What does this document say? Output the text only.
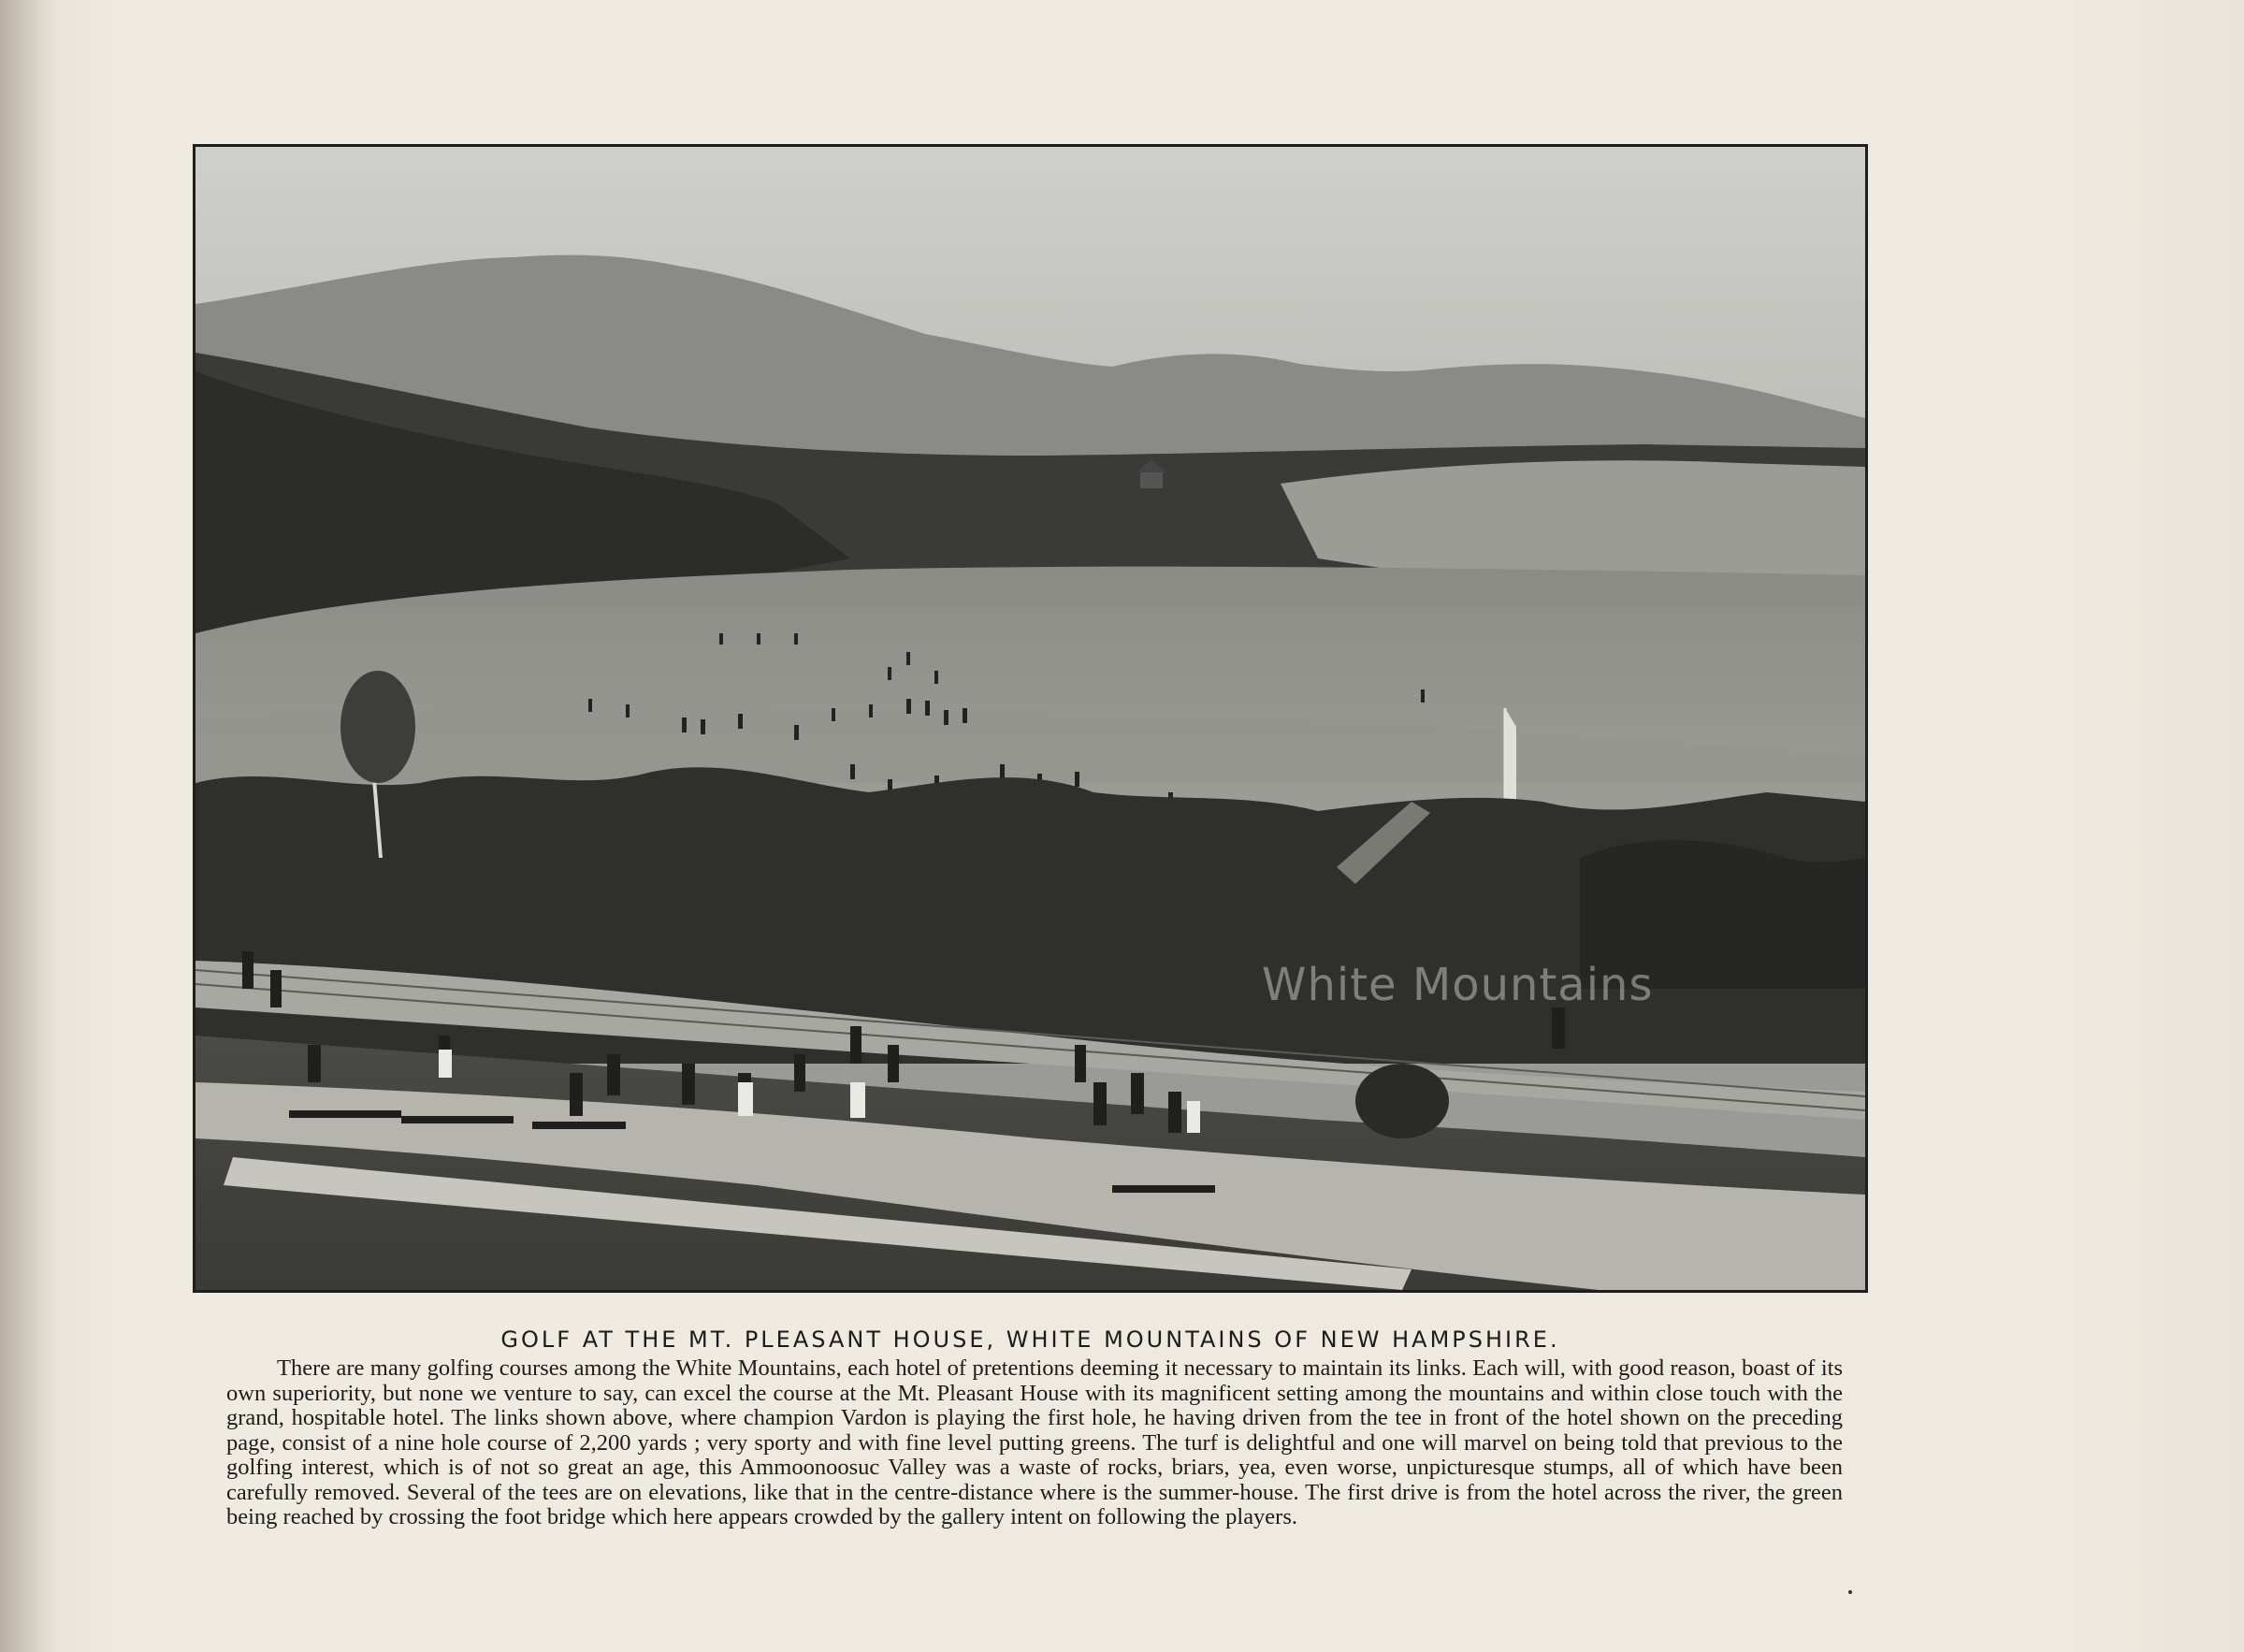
White Mountains
GOLF AT THE MT. PLEASANT HOUSE, WHITE MOUNTAINS OF NEW HAMPSHIRE.

There are many golfing courses among the White Mountains, each hotel of pretentions deeming it necessary to maintain its links. Each will, with good reason, boast of its own superiority, but none we venture to say, can excel the course at the Mt. Pleasant House with its magnificent setting among the mountains and within close touch with the grand, hospitable hotel. The links shown above, where champion Vardon is playing the first hole, he having driven from the tee in front of the hotel shown on the preceding page, consist of a nine hole course of 2,200 yards ; very sporty and with fine level putting greens. The turf is delightful and one will marvel on being told that previous to the golfing interest, which is of not so great an age, this Ammoonoosuc Valley was a waste of rocks, briars, yea, even worse, unpicturesque stumps, all of which have been carefully removed. Several of the tees are on elevations, like that in the centre-distance where is the summer-house. The first drive is from the hotel across the river, the green being reached by crossing the foot bridge which here appears crowded by the gallery intent on following the players.
